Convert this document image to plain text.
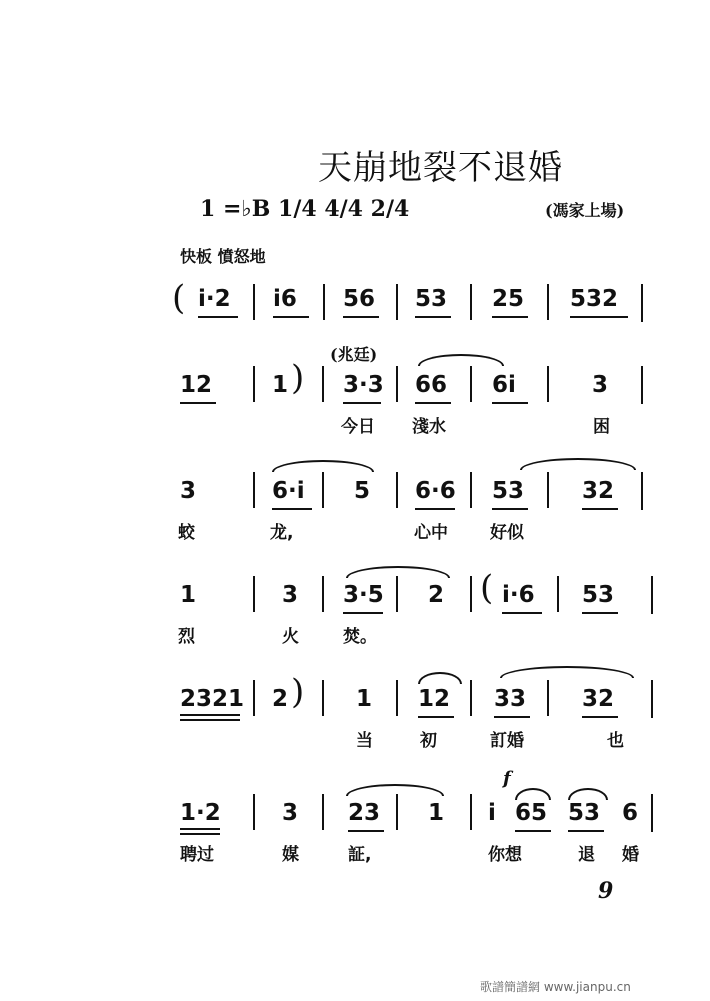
天崩地裂不退婚
1 =♭B 1/4 4/4 2/4	(馮家上場)
快板 憤怒地
( i·2 i6 56 53 25 532
(兆廷)
12	1 ) 3·3 66 6i	3
今日 淺水	困
3	6·i 5 6·6 53	32
蛟	龙,	心中 好似
1	3 3·5 2 ( i·6 53
烈	火	焚。
2321 2 ) 1 12 33 32
当	初	訂婚	也
f
1·2	3 23 1 i 65 53 6
聘过	媒	証,	你想	退 婚
9
歌譜簡譜網 www.jianpu.cn
